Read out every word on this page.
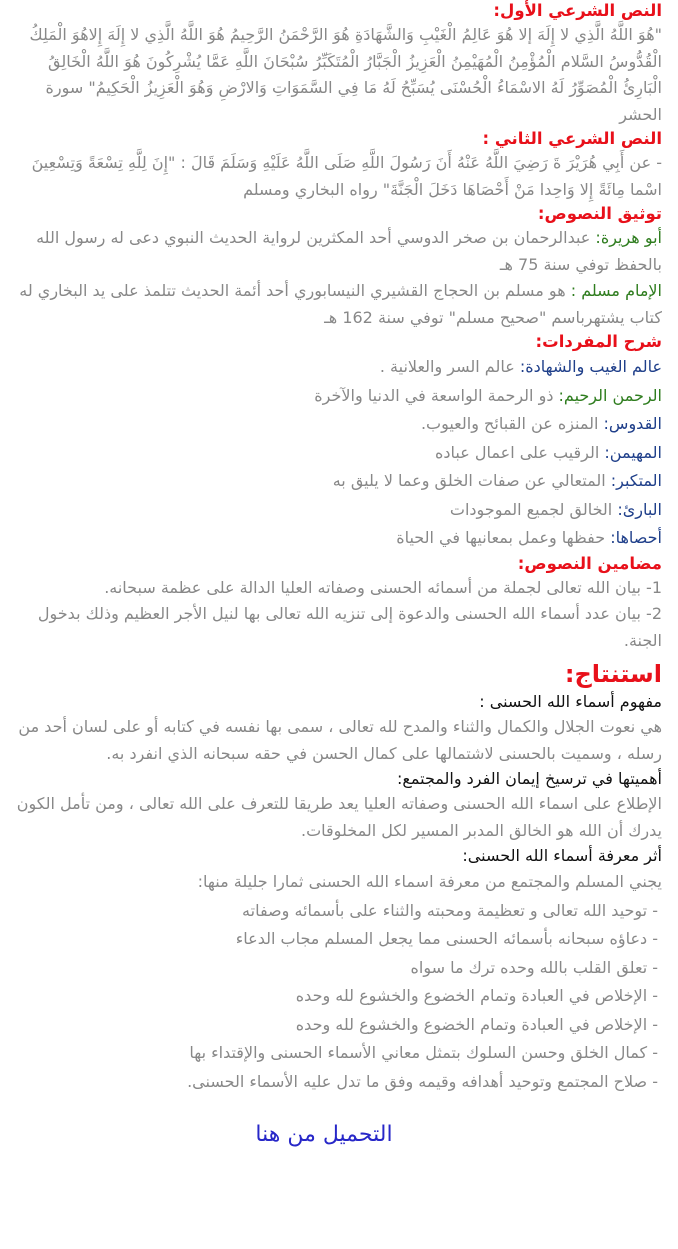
النص الشرعي الأول:

"هُوَ اللَّهُ الَّذِي لا إِلَهَ إلا هُوَ عَالِمُ الْغَيْبِ وَالشَّهَادَةِ هُوَ الرَّحْمَنُ الرَّحِيمُ هُوَ اللَّهُ الَّذِي لا إِلَهَ إِلاهُوَ الْمَلِكُ الْقُدُّوسُ السَّلام الْمُؤْمِنُ الْمُهَيْمِنُ الْعَزِيزُ الْجَبَّارُ الْمُتَكَبِّرُ سُبْحَانَ اللَّهِ عَمَّا يُشْرِكُونَ هُوَ اللَّهُ الْخَالِقُ الْبَارِئُ الْمُصَوِّرُ لَهُ الاسْمَاءُ الْحُسْنَى يُسَبِّحُ لَهُ مَا فِي السَّمَوَاتِ وَالارْضِ وَهُوَ الْعَزِيزُ الْحَكِيمُ" سورة الحشر

النص الشرعي الثاني :

- عن أَبِي هُرَيْرَ ةَ رَضِيَ اللَّهُ عَنْهُ أَنَ رَسُولَ اللَّهِ صَلَى اللَّهُ عَلَيْهِ وَسَلَمَ قَالَ : "إِنَ لِلَّهِ تِسْعَةً وَتِسْعِينَ اسْما مِائَةً إِلا وَاحِدا مَنْ أَحْصَاهَا دَخَلَ الْجَنَّةَ" رواه البخاري ومسلم

توثيق النصوص:

أبو هريرة: عبدالرحمان بن صخر الدوسي أحد المكثرين لرواية الحديث النبوي دعى له رسول الله بالحفظ توفي سنة 75 هـ

الإمام مسلم : هو مسلم بن الحجاج القشيري النيسابوري أحد أئمة الحديث تتلمذ على يد البخاري له كتاب يشتهرباسم "صحيح مسلم" توفي سنة 162 هـ

شرح المفردات:

عالم الغيب والشهادة: عالم السر والعلانية .

الرحمن الرحيم: ذو الرحمة الواسعة في الدنيا والآخرة

القدوس: المنزه عن القبائح والعيوب.

المهيمن: الرقيب على اعمال عباده

المتكبر: المتعالي عن صفات الخلق وعما لا يليق به

البارئ: الخالق لجميع الموجودات

أحصاها: حفظها وعمل بمعانيها في الحياة

مضامين النصوص:

1- بيان الله تعالى لجملة من أسمائه الحسنى وصفاته العليا الدالة على عظمة سبحانه.

2- بيان عدد أسماء الله الحسنى والدعوة إلى تنزيه الله تعالى بها لنيل الأجر العظيم وذلك بدخول الجنة.

استنتاج:

مفهوم أسماء الله الحسنى :

هي نعوت الجلال والكمال والثناء والمدح لله تعالى ، سمى بها نفسه في كتابه أو على لسان أحد من رسله ، وسميت بالحسنى لاشتمالها على كمال الحسن في حقه سبحانه الذي انفرد به.

أهميتها في ترسيخ إيمان الفرد والمجتمع:

الإطلاع على اسماء الله الحسنى وصفاته العليا يعد طريقا للتعرف على الله تعالى ، ومن تأمل الكون يدرك أن الله هو الخالق المدبر المسير لكل المخلوقات.

أثر معرفة أسماء الله الحسنى:

يجني المسلم والمجتمع من معرفة اسماء الله الحسنى ثمارا جليلة منها:

- توحيد الله تعالى و تعظيمة ومحبته والثناء على بأسمائه وصفاته

- دعاؤه سبحانه بأسمائه الحسنى مما يجعل المسلم مجاب الدعاء

- تعلق القلب بالله وحده ترك ما سواه

- الإخلاص في العبادة وتمام الخضوع والخشوع لله وحده

- الإخلاص في العبادة وتمام الخضوع والخشوع لله وحده

- كمال الخلق وحسن السلوك بتمثل معاني الأسماء الحسنى والإقتداء بها

- صلاح المجتمع وتوحيد أهدافه وقيمه وفق ما تدل عليه الأسماء الحسنى.

التحميل من هنا
